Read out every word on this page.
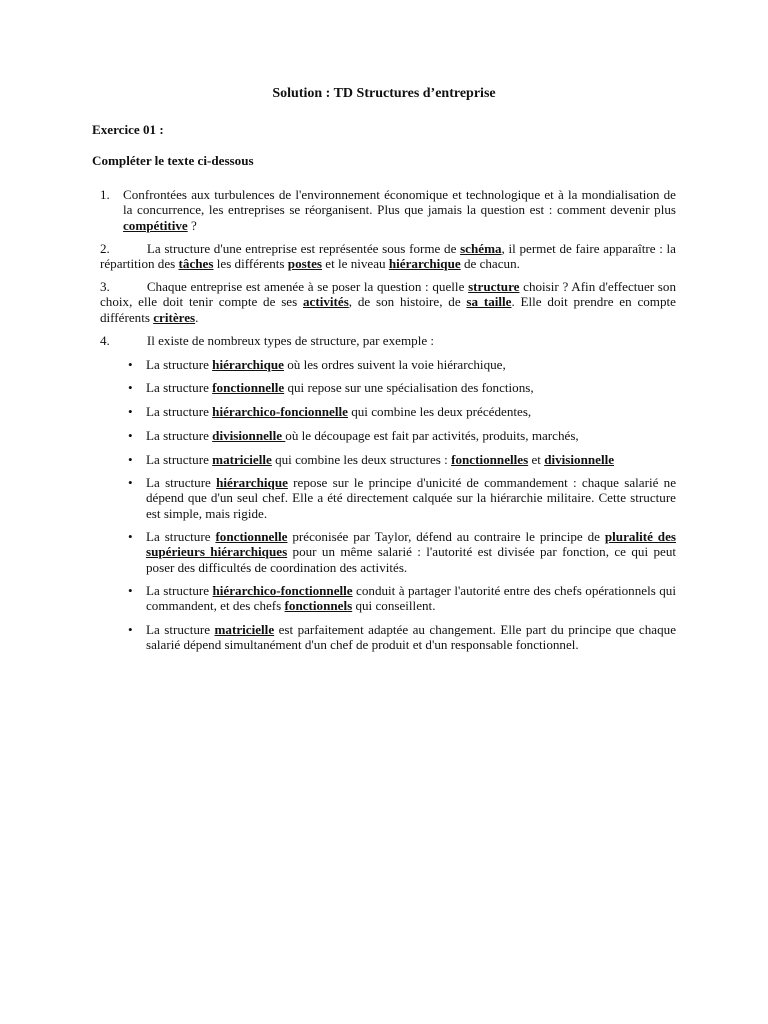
Solution : TD Structures d’entreprise
Exercice 01 :
Compléter le texte ci-dessous
1. Confrontées aux turbulences de l'environnement économique et technologique et à la mondialisation de la concurrence, les entreprises se réorganisent. Plus que jamais la question est : comment devenir plus compétitive ?
2.	La structure d'une entreprise est représentée sous forme de schéma, il permet de faire apparaître : la répartition des tâches les différents postes et le niveau hiérarchique de chacun.
3.	Chaque entreprise est amenée à se poser la question : quelle structure choisir ? Afin d'effectuer son choix, elle doit tenir compte de ses activités, de son histoire, de sa taille. Elle doit prendre en compte différents critères.
4.	Il existe de nombreux types de structure, par exemple :
• La structure hiérarchique où les ordres suivent la voie hiérarchique,
• La structure fonctionnelle qui repose sur une spécialisation des fonctions,
• La structure hiérarchico-foncionnelle qui combine les deux précédentes,
• La structure divisionnelle où le découpage est fait par activités, produits, marchés,
• La structure matricielle qui combine les deux structures : fonctionnelles et divisionnelle
• La structure hiérarchique repose sur le principe d'unicité de commandement : chaque salarié ne dépend que d'un seul chef. Elle a été directement calquée sur la hiérarchie militaire. Cette structure est simple, mais rigide.
• La structure fonctionnelle préconisée par Taylor, défend au contraire le principe de pluralité des supérieurs hiérarchiques pour un même salarié : l'autorité est divisée par fonction, ce qui peut poser des difficultés de coordination des activités.
• La structure hiérarchico-fonctionnelle conduit à partager l'autorité entre des chefs opérationnels qui commandent, et des chefs fonctionnels qui conseillent.
• La structure matricielle est parfaitement adaptée au changement. Elle part du principe que chaque salarié dépend simultanément d'un chef de produit et d'un responsable fonctionnel.
